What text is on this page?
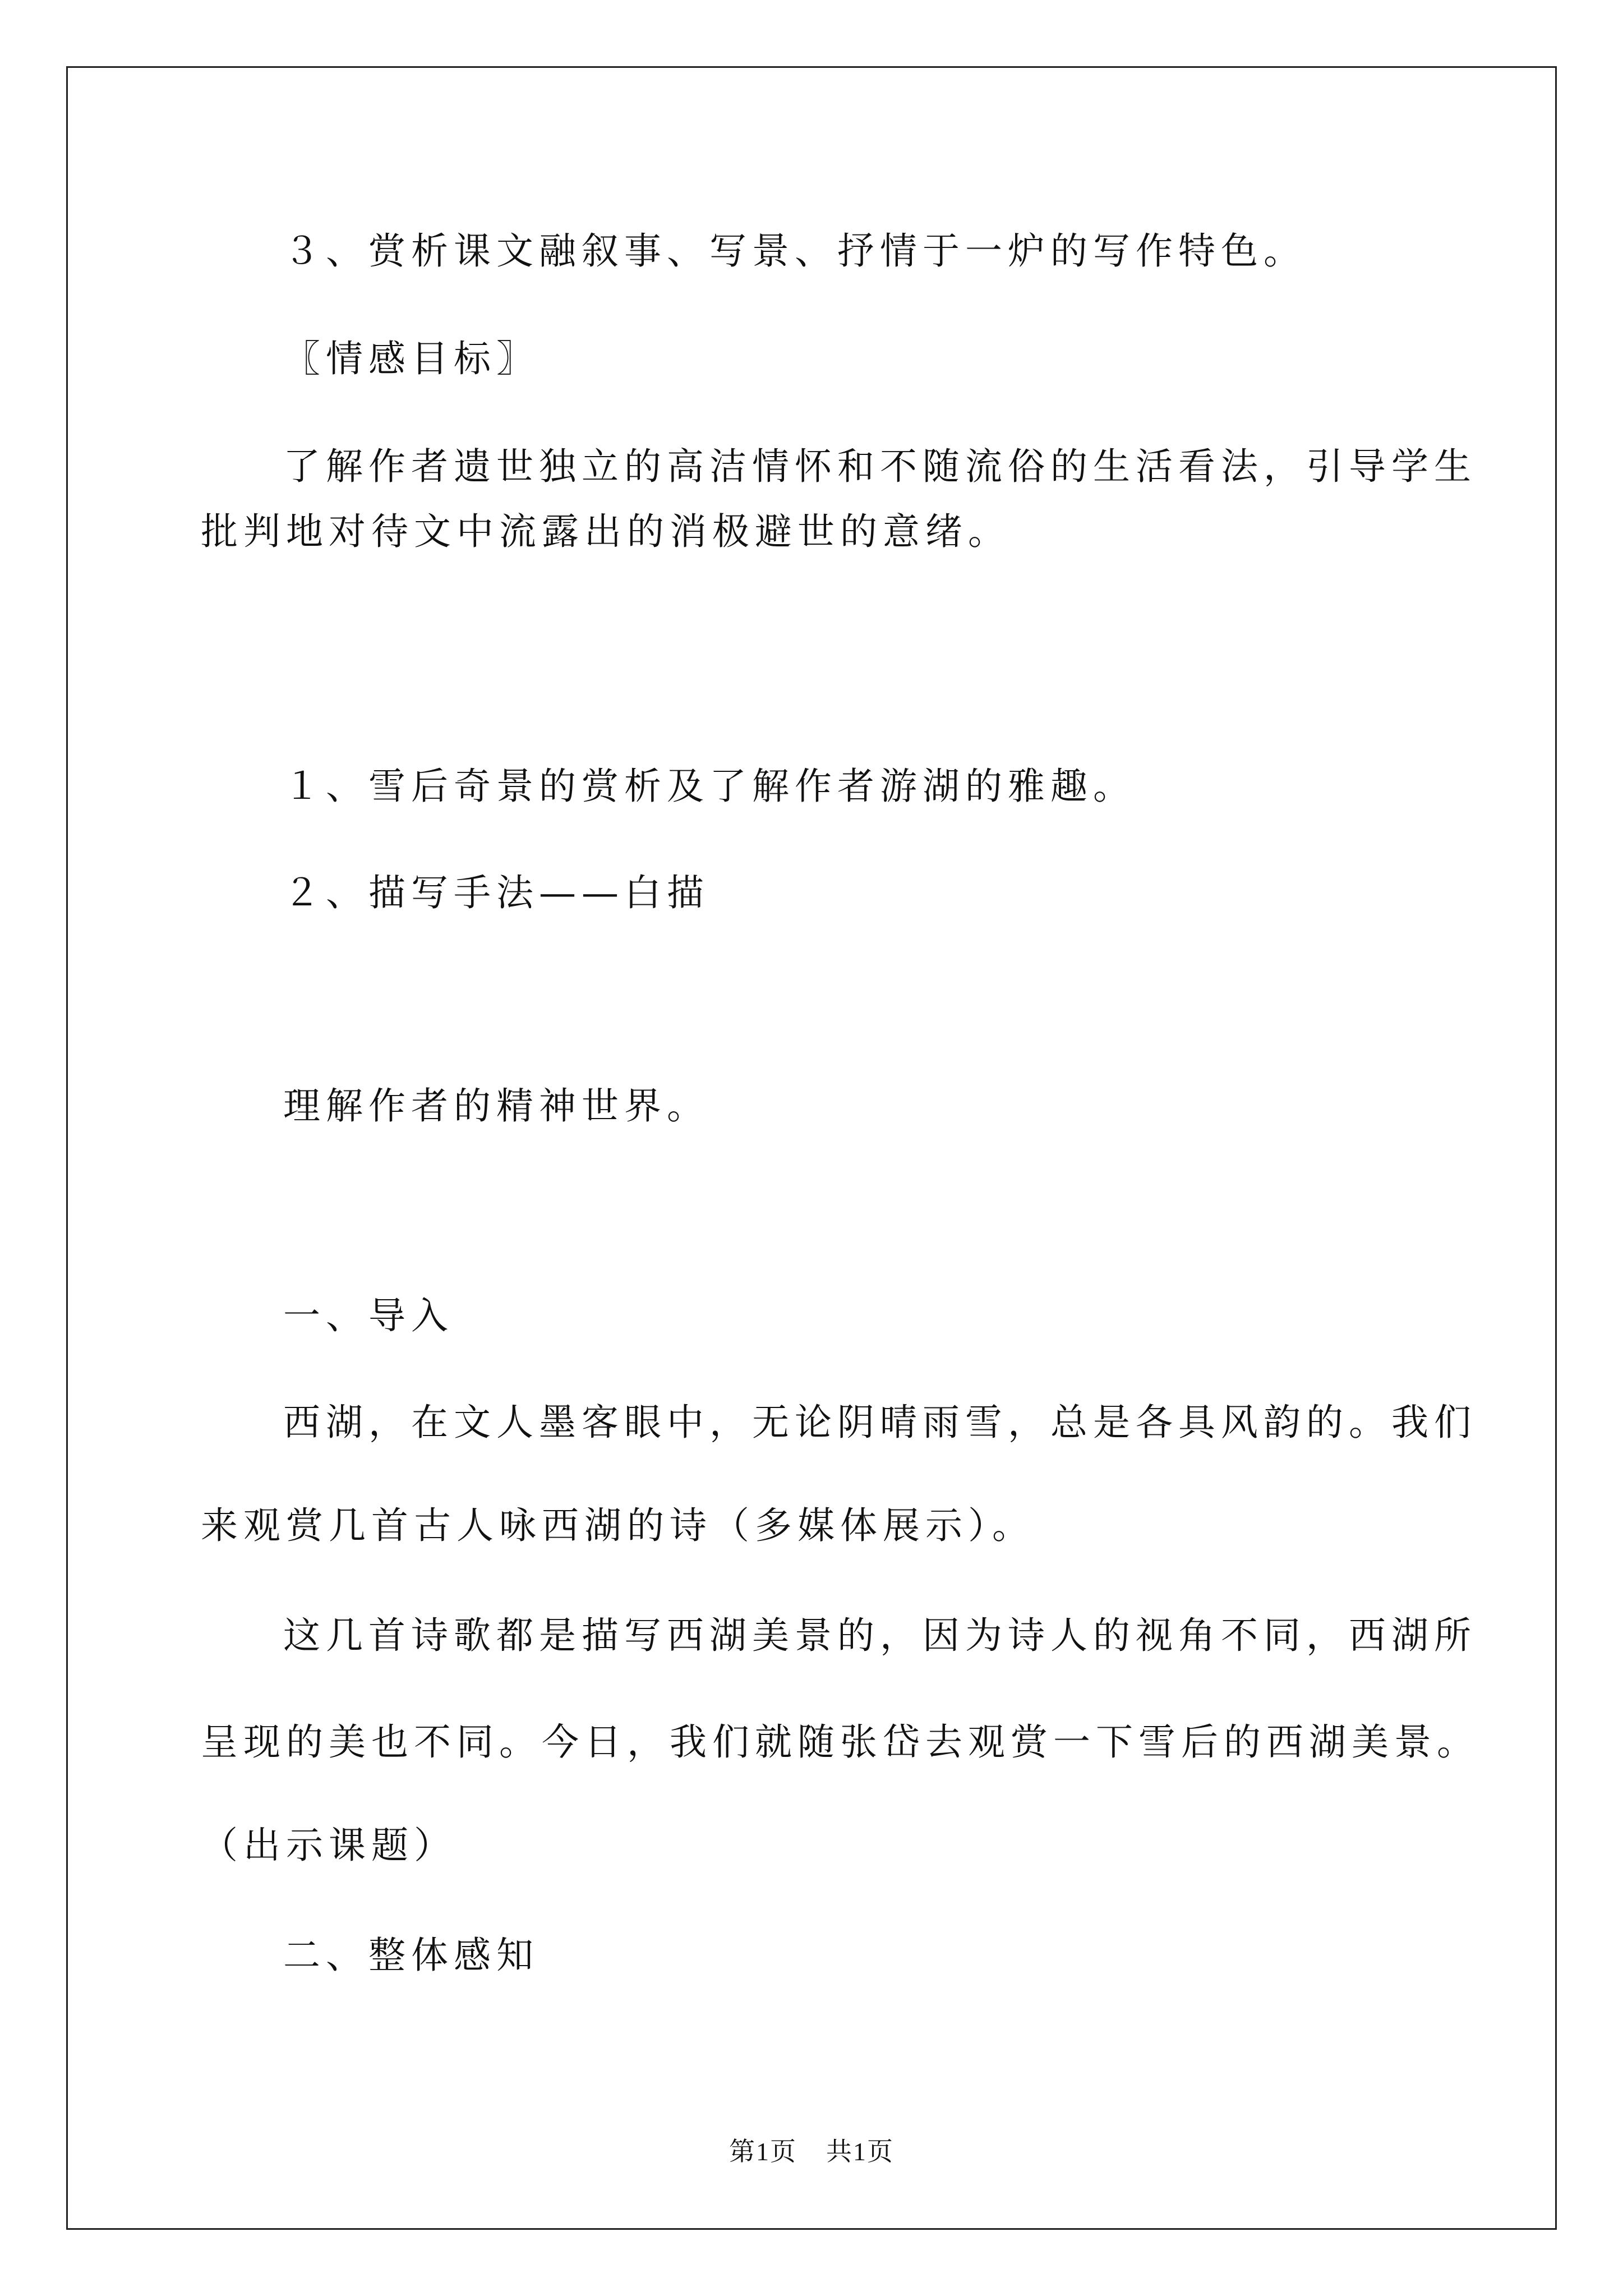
３、赏析课文融叙事、写景、抒情于一炉的写作特色。
〖情感目标〗
了解作者遗世独立的高洁情怀和不随流俗的生活看法，引导学生
批判地对待文中流露出的消极避世的意绪。
１、雪后奇景的赏析及了解作者游湖的雅趣。
２、描写手法——白描
理解作者的精神世界。
一、导入
西湖，在文人墨客眼中，无论阴晴雨雪，总是各具风韵的。我们
来观赏几首古人咏西湖的诗（多媒体展示）。
这几首诗歌都是描写西湖美景的，因为诗人的视角不同，西湖所
呈现的美也不同。今日，我们就随张岱去观赏一下雪后的西湖美景。
（出示课题）
二、整体感知
第1页 共1页
